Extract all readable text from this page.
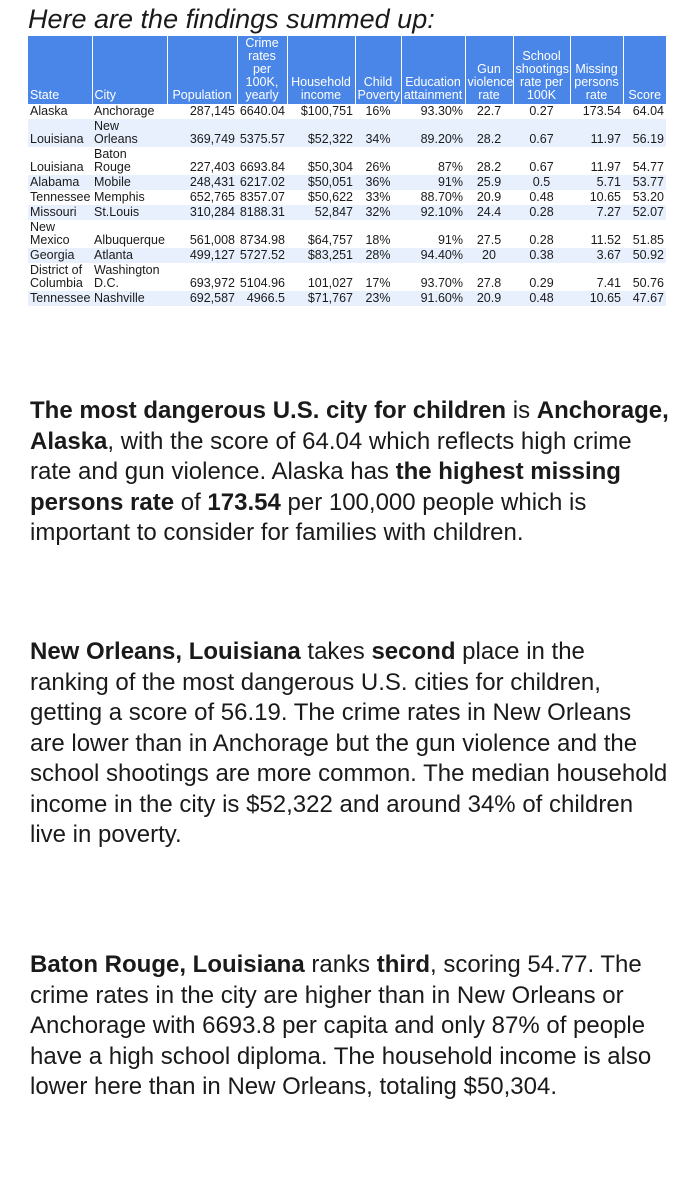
Here are the findings summed up:
State	City	Population	Crime rates per 100K, yearly	Household income	Child Poverty	Education attainment	Gun violence rate	School shootings rate per 100K	Missing persons rate	Score
Alaska	Anchorage	287,145	6640.04	$100,751	16%	93.30%	22.7	0.27	173.54	64.04
Louisiana	New Orleans	369,749	5375.57	$52,322	34%	89.20%	28.2	0.67	11.97	56.19
Louisiana	Baton Rouge	227,403	6693.84	$50,304	26%	87%	28.2	0.67	11.97	54.77
Alabama	Mobile	248,431	6217.02	$50,051	36%	91%	25.9	0.5	5.71	53.77
Tennessee	Memphis	652,765	8357.07	$50,622	33%	88.70%	20.9	0.48	10.65	53.20
Missouri	St.Louis	310,284	8188.31	52,847	32%	92.10%	24.4	0.28	7.27	52.07
New Mexico	Albuquerque	561,008	8734.98	$64,757	18%	91%	27.5	0.28	11.52	51.85
Georgia	Atlanta	499,127	5727.52	$83,251	28%	94.40%	20	0.38	3.67	50.92
District of Columbia	Washington D.C.	693,972	5104.96	101,027	17%	93.70%	27.8	0.29	7.41	50.76
Tennessee	Nashville	692,587	4966.5	$71,767	23%	91.60%	20.9	0.48	10.65	47.67
The most dangerous U.S. city for children is Anchorage, Alaska, with the score of 64.04 which reflects high crime rate and gun violence. Alaska has the highest missing persons rate of 173.54 per 100,000 people which is important to consider for families with children.
New Orleans, Louisiana takes second place in the ranking of the most dangerous U.S. cities for children, getting a score of 56.19. The crime rates in New Orleans are lower than in Anchorage but the gun violence and the school shootings are more common. The median household income in the city is $52,322 and around 34% of children live in poverty.
Baton Rouge, Louisiana ranks third, scoring 54.77. The crime rates in the city are higher than in New Orleans or Anchorage with 6693.8 per capita and only 87% of people have a high school diploma. The household income is also lower here than in New Orleans, totaling $50,304.
